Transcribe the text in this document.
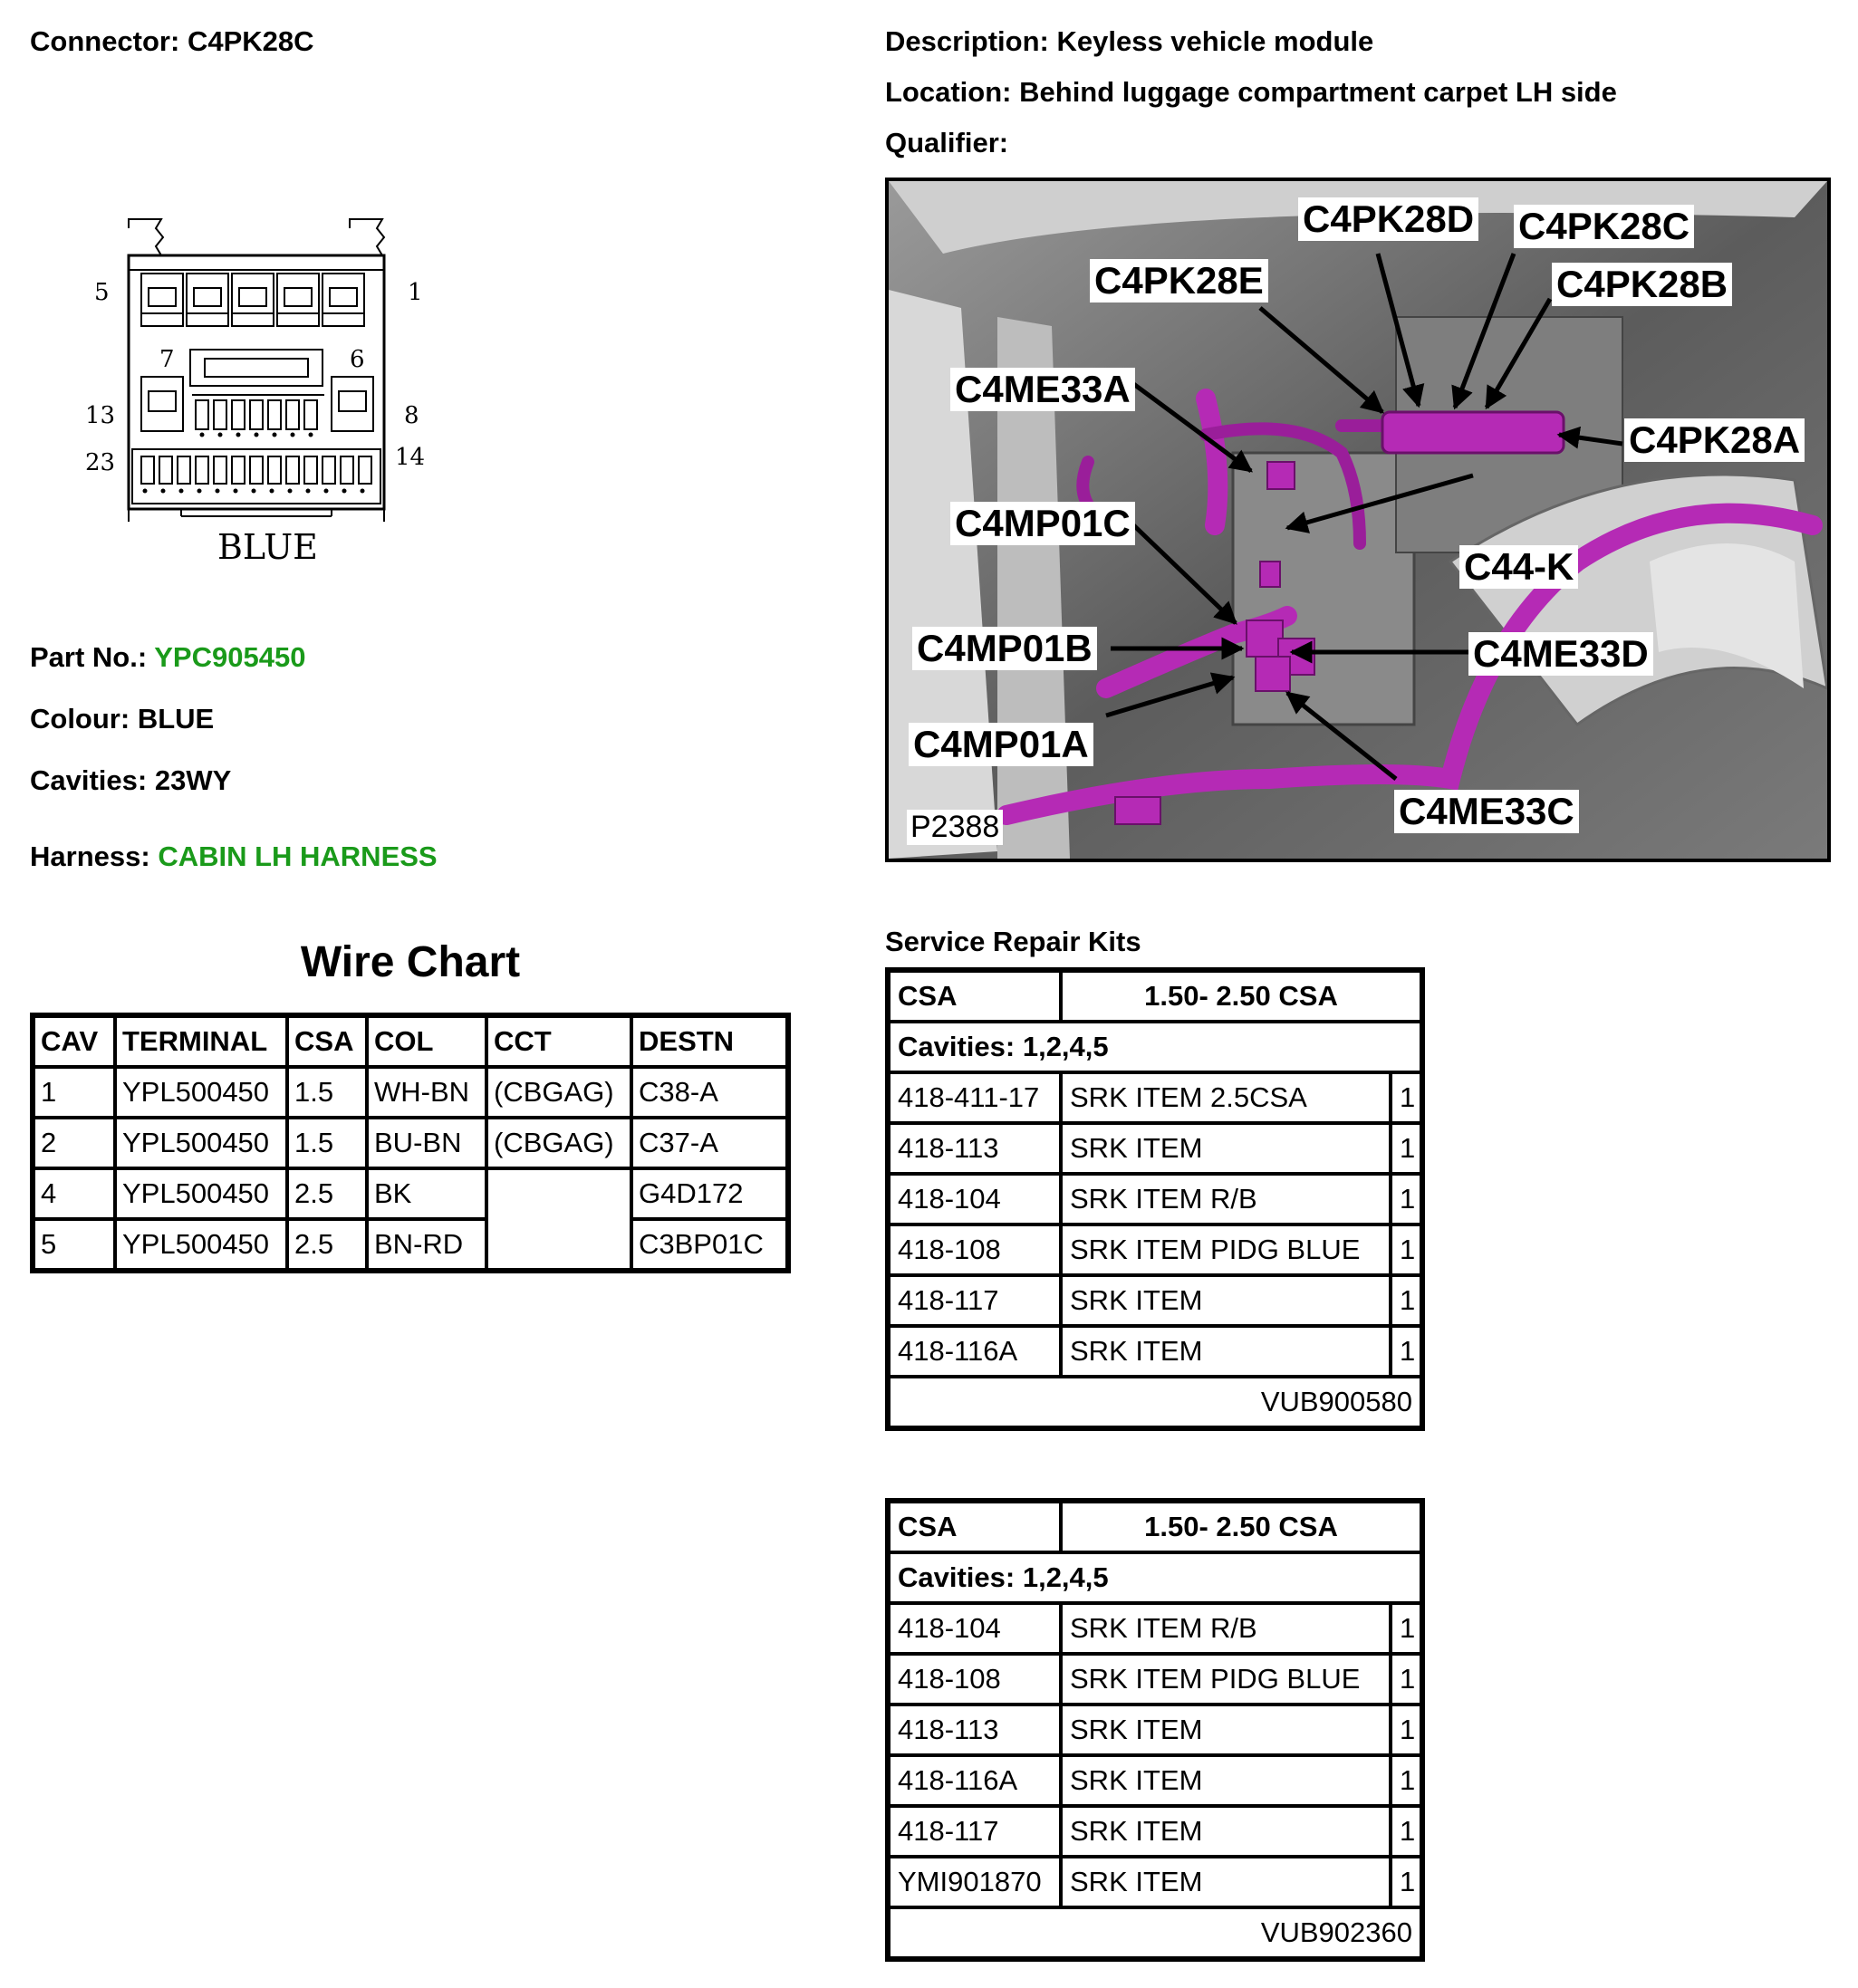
Connector: C4PK28C	Description: Keyless vehicle module
Location: Behind luggage compartment carpet LH side
Qualifier:
5	1
7	6
13	8
23	14
BLUE
Part No.: YPC905450
Colour: BLUE
Cavities: 23WY
Harness: CABIN LH HARNESS
C4PK28D C4PK28C
C4PK28E	C4PK28B
C4ME33A
C4PK28A
C4MP01C
C44-K
C4MP01B	C4ME33D
C4MP01A
C4ME33C
P2388
Wire Chart
CAV	TERMINAL	CSA	COL	CCT	DESTN
1	YPL500450	1.5	WH-BN	(CBGAG)	C38-A
2	YPL500450	1.5	BU-BN	(CBGAG)	C37-A
4	YPL500450	2.5	BK		G4D172
5	YPL500450	2.5	BN-RD		C3BP01C
Service Repair Kits
CSA	1.50- 2.50 CSA	
Cavities: 1,2,4,5		
418-411-17	SRK ITEM 2.5CSA	1
418-113	SRK ITEM	1
418-104	SRK ITEM R/B	1
418-108	SRK ITEM PIDG BLUE	1
418-117	SRK ITEM	1
418-116A	SRK ITEM	1
VUB900580		
CSA	1.50- 2.50 CSA	
Cavities: 1,2,4,5		
418-104	SRK ITEM R/B	1
418-108	SRK ITEM PIDG BLUE	1
418-113	SRK ITEM	1
418-116A	SRK ITEM	1
418-117	SRK ITEM	1
YMI901870	SRK ITEM	1
VUB902360		
